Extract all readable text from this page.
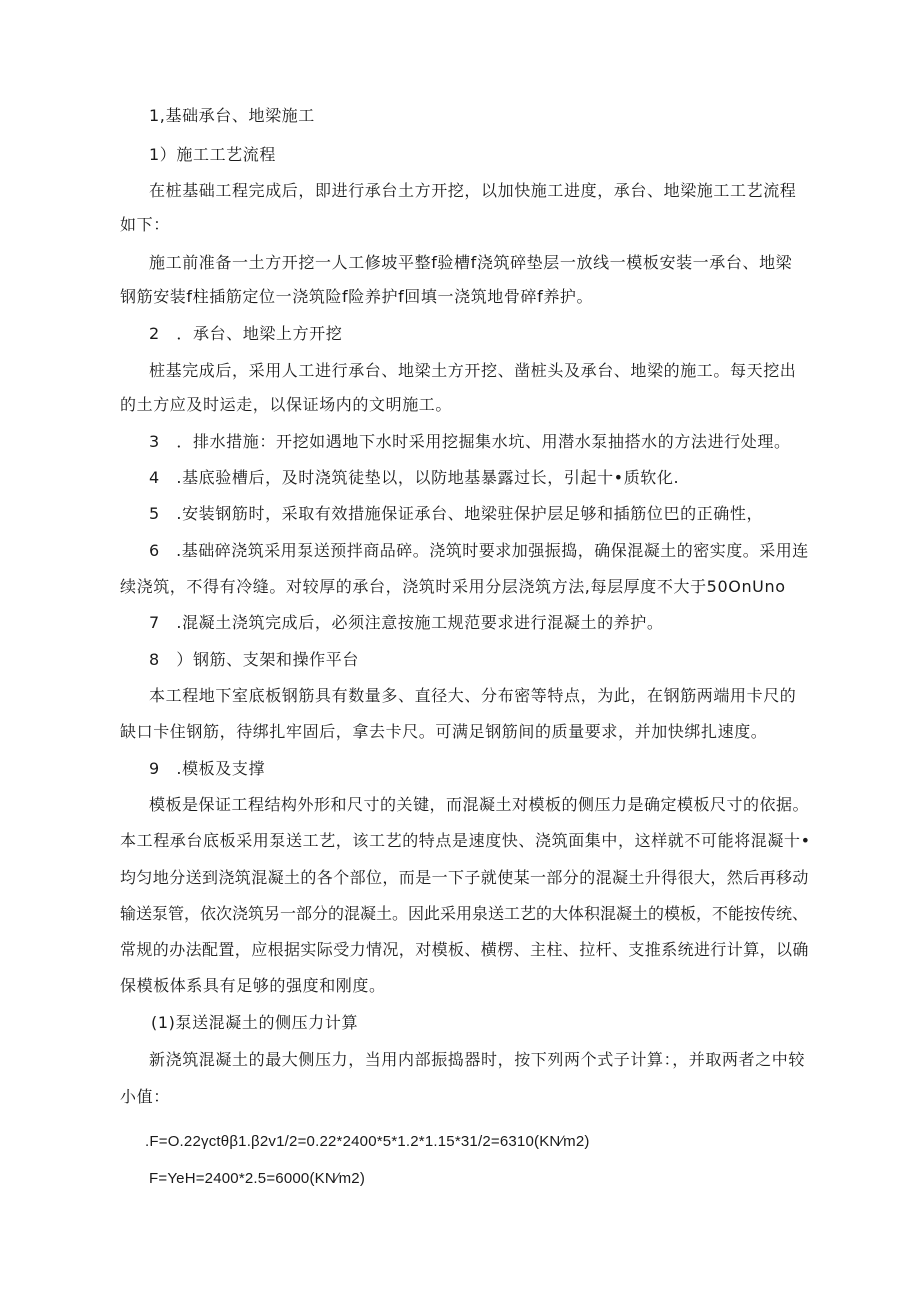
1,基础承台、地梁施工
1）施工工艺流程
在桩基础工程完成后，即进行承台土方开挖，以加快施工进度，承台、地梁施工工艺流程
如下：
施工前准备一土方开挖一人工修坡平整f验槽f浇筑碎垫层一放线一模板安装一承台、地梁
钢筋安装f柱插筋定位一浇筑险f险养护f回填一浇筑地骨碎f养护。
2　．承台、地梁上方开挖
桩基完成后，采用人工进行承台、地梁土方开挖、凿桩头及承台、地梁的施工。每天挖出
的土方应及时运走，以保证场内的文明施工。
3　．排水措施：开挖如遇地下水时采用挖掘集水坑、用潜水泵抽搭水的方法进行处理。
4　.基底验槽后，及时浇筑徒垫以，以防地基暴露过长，引起十•质软化.
5　.安装钢筋时，采取有效措施保证承台、地梁驻保护层足够和插筋位巴的正确性，
6　.基础碎浇筑采用泵送预拌商品碎。浇筑时要求加强振捣，确保混凝土的密实度。采用连
续浇筑，不得有冷缝。对较厚的承台，浇筑时采用分层浇筑方法,每层厚度不大于50OnUno
7　.混凝土浇筑完成后，必须注意按施工规范要求进行混凝土的养护。
8　）钢筋、支架和操作平台
本工程地下室底板钢筋具有数量多、直径大、分布密等特点，为此，在钢筋两端用卡尺的
缺口卡住钢筋，待绑扎牢固后，拿去卡尺。可满足钢筋间的质量要求，并加快绑扎速度。
9　.模板及支撑
模板是保证工程结构外形和尺寸的关键，而混凝土对模板的侧压力是确定模板尺寸的依据。
本工程承台底板采用泵送工艺，该工艺的特点是速度快、浇筑面集中，这样就不可能将混凝十•
均匀地分送到浇筑混凝土的各个部位，而是一下子就使某一部分的混凝土升得很大，然后再移动
输送泵管，依次浇筑另一部分的混凝土。因此采用泉送工艺的大体积混凝土的模板，不能按传统、
常规的办法配置，应根据实际受力情况，对模板、横楞、主柱、拉杆、支推系统进行计算，以确
保模板体系具有足够的强度和刚度。
(1)泵送混凝土的侧压力计算
新浇筑混凝土的最大侧压力，当用内部振捣器时，按下列两个式子计算：，并取两者之中较
小值：
.F=O.22γctθβ1.β2v1/2=0.22*2400*5*1.2*1.15*31/2=6310(KN∕m2)
F=YeH=2400*2.5=6000(KN∕m2)
